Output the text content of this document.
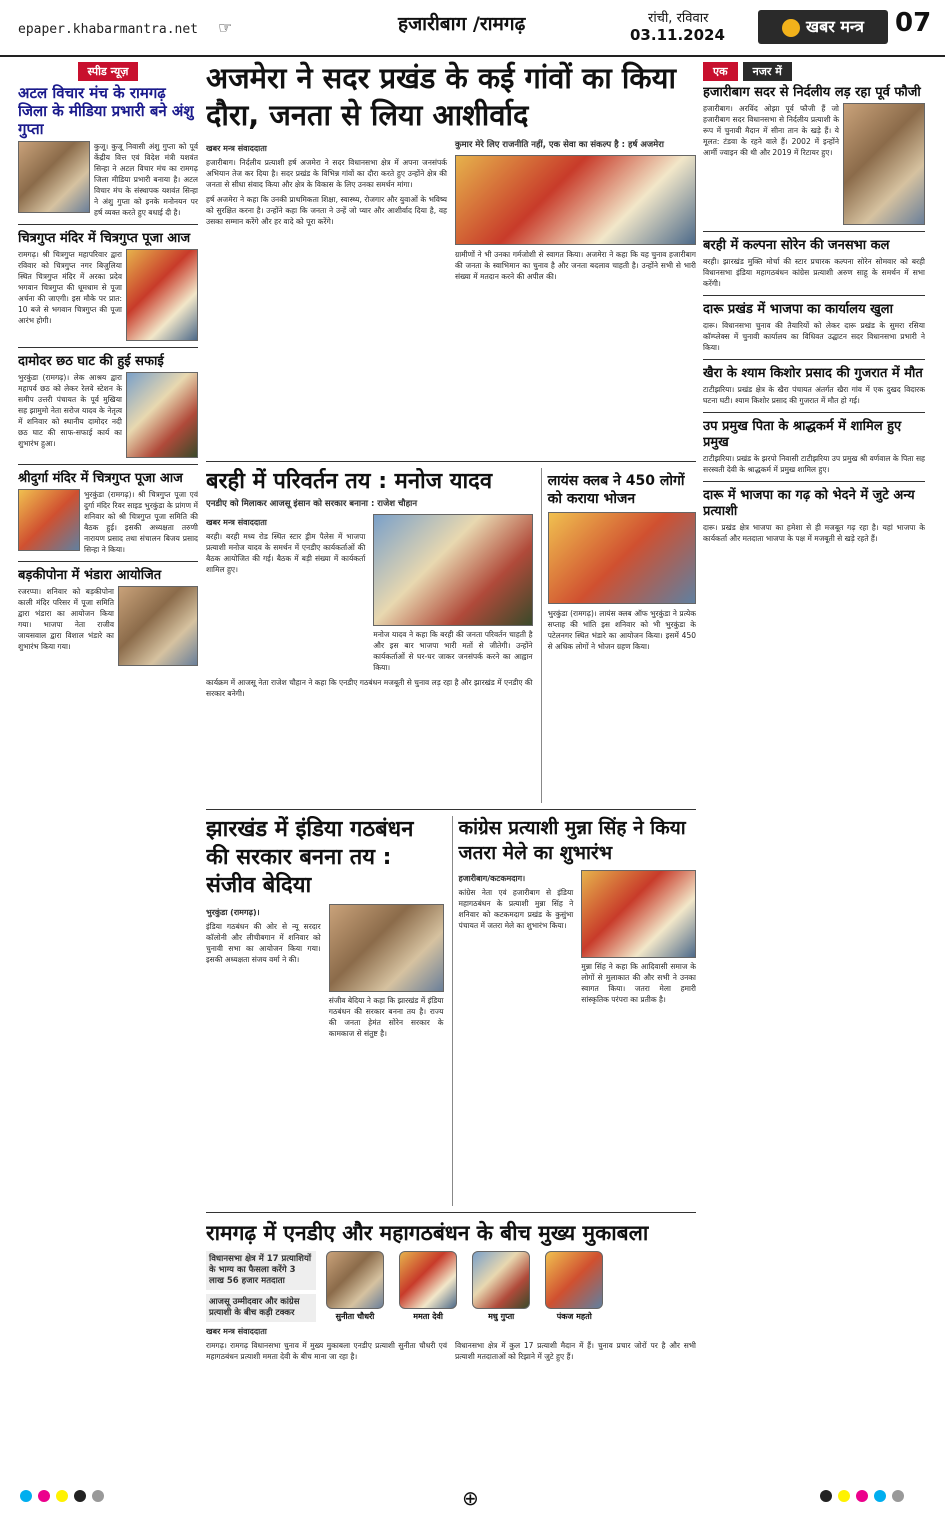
epaper.khabarmantra.net ☞	हजारीबाग /रामगढ़	रांची, रविवार
03.11.2024	खबर मन्त्र	07
स्पीड न्यूज़
अटल विचार मंच के रामगढ़ जिला के मीडिया प्रभारी बने अंशु गुप्ता
कुजू। कुजू निवासी अंशु गुप्ता को पूर्व केंद्रीय वित्त एवं विदेश मंत्री यशवंत सिन्हा ने अटल विचार मंच का रामगढ़ जिला मीडिया प्रभारी बनाया है। अटल विचार मंच के संस्थापक यशवंत सिन्हा ने अंशु गुप्ता को इनके मनोनयन पर हर्ष व्यक्त करते हुए बधाई दी है।
चित्रगुप्त मंदिर में चित्रगुप्त पूजा आज
रामगढ़। श्री चित्रगुप्त महापरिवार द्वारा रविवार को चित्रगुप्त नगर बिजुलिया स्थित चित्रगुप्त मंदिर में अरका प्रदेव भगवान चित्रगुप्त की धूमधाम से पूजा अर्चना की जाएगी। इस मौके पर प्रात: 10 बजे से भगवान चित्रगुप्त की पूजा आरंभ होगी।
दामोदर छठ घाट की हुई सफाई
भुरकुंडा (रामगढ़)। लेक आश्रय द्वारा महापर्व छठ को लेकर रेलवे स्टेशन के समीप उत्तरी पंचायत के पूर्व मुखिया सह झामुमो नेता सरोज यादव के नेतृत्व में शनिवार को स्थानीय दामोदर नदी छठ घाट की साफ-सफाई कार्य का शुभारंभ हुआ।
श्रीदुर्गा मंदिर में चित्रगुप्त पूजा आज
भुरकुंडा (रामगढ़)। श्री चित्रगुप्त पूजा एवं दुर्गा मंदिर रिवर साइड भुरकुंडा के प्रांगण में शनिवार को श्री चित्रगुप्त पूजा समिति की बैठक हुई। इसकी अध्यक्षता तरुणी नारायण प्रसाद तथा संचालन बिजय प्रसाद सिन्हा ने किया।
बड़कीपोना में भंडारा आयोजित
रजरप्पा। शनिवार को बड़कीपोना काली मंदिर परिसर में पूजा समिति द्वारा भंडारा का आयोजन किया गया। भाजपा नेता राजीव जायसवाल द्वारा विशाल भंडारे का शुभारंभ किया गया।
अजमेरा ने सदर प्रखंड के कई गांवों का किया दौरा, जनता से लिया आशीर्वाद
खबर मन्त्र संवाददाता
हजारीबाग। निर्दलीय प्रत्याशी हर्ष अजमेरा ने सदर विधानसभा क्षेत्र में अपना जनसंपर्क अभियान तेज कर दिया है। सदर प्रखंड के विभिन्न गांवों का दौरा करते हुए उन्होंने क्षेत्र की जनता से सीधा संवाद किया और क्षेत्र के विकास के लिए उनका समर्थन मांगा।
हर्ष अजमेरा ने कहा कि उनकी प्राथमिकता शिक्षा, स्वास्थ्य, रोजगार और युवाओं के भविष्य को सुरक्षित करना है। उन्होंने कहा कि जनता ने उन्हें जो प्यार और आशीर्वाद दिया है, वह उसका सम्मान करेंगे और हर वादे को पूरा करेंगे।
कुमार मेरे लिए राजनीति नहीं, एक सेवा का संकल्प है : हर्ष अजमेरा
ग्रामीणों ने भी उनका गर्मजोशी से स्वागत किया। अजमेरा ने कहा कि यह चुनाव हजारीबाग की जनता के स्वाभिमान का चुनाव है और जनता बदलाव चाहती है। उन्होंने सभी से भारी संख्या में मतदान करने की अपील की।
बरही में परिवर्तन तय : मनोज यादव
एनडीए को मिलाकर आजसू इंसान को सरकार बनाना : राजेश चौहान
खबर मन्त्र संवाददाता
बरही। बरही मध्य रोड स्थित स्टार ड्रीम पैलेस में भाजपा प्रत्याशी मनोज यादव के समर्थन में एनडीए कार्यकर्ताओं की बैठक आयोजित की गई। बैठक में बड़ी संख्या में कार्यकर्ता शामिल हुए।
मनोज यादव ने कहा कि बरही की जनता परिवर्तन चाहती है और इस बार भाजपा भारी मतों से जीतेगी। उन्होंने कार्यकर्ताओं से घर-घर जाकर जनसंपर्क करने का आह्वान किया।
कार्यक्रम में आजसू नेता राजेश चौहान ने कहा कि एनडीए गठबंधन मजबूती से चुनाव लड़ रहा है और झारखंड में एनडीए की सरकार बनेगी।
लायंस क्लब ने 450 लोगों को कराया भोजन
भुरकुंडा (रामगढ़)। लायंस क्लब ऑफ भुरकुंडा ने प्रत्येक सप्ताह की भांति इस शनिवार को भी भुरकुंडा के पटेलनगर स्थित भंडारे का आयोजन किया। इसमें 450 से अधिक लोगों ने भोजन ग्रहण किया।
झारखंड में इंडिया गठबंधन की सरकार बनना तय : संजीव बेदिया
भुरकुंडा (रामगढ़)।
इंडिया गठबंधन की ओर से न्यू सरदार कॉलोनी और लीचीबगान में शनिवार को चुनावी सभा का आयोजन किया गया। इसकी अध्यक्षता संजय वर्मा ने की।
संजीव बेदिया ने कहा कि झारखंड में इंडिया गठबंधन की सरकार बनना तय है। राज्य की जनता हेमंत सोरेन सरकार के कामकाज से संतुष्ट है।
कांग्रेस प्रत्याशी मुन्ना सिंह ने किया जतरा मेले का शुभारंभ
हजारीबाग/कटकमदाग।
कांग्रेस नेता एवं हजारीबाग से इंडिया महागठबंधन के प्रत्याशी मुन्ना सिंह ने शनिवार को कटकमदाग प्रखंड के कुसुंभा पंचायत में जतरा मेले का शुभारंभ किया।
मुन्ना सिंह ने कहा कि आदिवासी समाज के लोगों से मुलाकात की और सभी ने उनका स्वागत किया। जतरा मेला हमारी सांस्कृतिक परंपरा का प्रतीक है।
रामगढ़ में एनडीए और महागठबंधन के बीच मुख्य मुकाबला
विधानसभा क्षेत्र में 17 प्रत्याशियों के भाग्य का फैसला करेंगे 3 लाख 56 हजार मतदाता
आजसू उम्मीदवार और कांग्रेस प्रत्याशी के बीच कड़ी टक्कर	सुनीता चौधरी
	ममता देवी
	मधु गुप्ता
	पंकज महतो
खबर मन्त्र संवाददाता
रामगढ़। रामगढ़ विधानसभा चुनाव में मुख्य मुकाबला एनडीए प्रत्याशी सुनीता चौधरी एवं महागठबंधन प्रत्याशी ममता देवी के बीच माना जा रहा है।
विधानसभा क्षेत्र में कुल 17 प्रत्याशी मैदान में हैं। चुनाव प्रचार जोरों पर है और सभी प्रत्याशी मतदाताओं को रिझाने में जुटे हुए हैं।
एक नजर में
हजारीबाग सदर से निर्दलीय लड़ रहा पूर्व फौजी
हजारीबाग। अरविंद ओझा पूर्व फौजी हैं जो हजारीबाग सदर विधानसभा से निर्दलीय प्रत्याशी के रूप में चुनावी मैदान में सीना तान के खड़े हैं। ये मूलत: टंडवा के रहने वाले हैं। 2002 में इन्होंने आर्मी ज्वाइन की थी और 2019 में रिटायर हुए।
बरही में कल्पना सोरेन की जनसभा कल
बरही। झारखंड मुक्ति मोर्चा की स्टार प्रचारक कल्पना सोरेन सोमवार को बरही विधानसभा इंडिया महागठबंधन कांग्रेस प्रत्याशी अरुण साहू के समर्थन में सभा करेंगी।
दारू प्रखंड में भाजपा का कार्यालय खुला
दारू। विधानसभा चुनाव की तैयारियों को लेकर दारू प्रखंड के सुमरा रसिया कॉम्प्लेक्स में चुनावी कार्यालय का विधिवत उद्घाटन सदर विधानसभा प्रभारी ने किया।
खैरा के श्याम किशोर प्रसाद की गुजरात में मौत
टाटीझरिया। प्रखंड क्षेत्र के खैरा पंचायत अंतर्गत खैरा गांव में एक दुखद विदारक घटना घटी। श्याम किशोर प्रसाद की गुजरात में मौत हो गई।
उप प्रमुख पिता के श्राद्धकर्म में शामिल हुए प्रमुख
टाटीझरिया। प्रखंड के झरपो निवासी टाटीझरिया उप प्रमुख श्री वर्णवाल के पिता सह सरस्वती देवी के श्राद्धकर्म में प्रमुख शामिल हुए।
दारू में भाजपा का गढ़ को भेदने में जुटे अन्य प्रत्याशी
दारू। प्रखंड क्षेत्र भाजपा का हमेशा से ही मजबूत गढ़ रहा है। यहां भाजपा के कार्यकर्ता और मतदाता भाजपा के पक्ष में मजबूती से खड़े रहते हैं।
⊕
